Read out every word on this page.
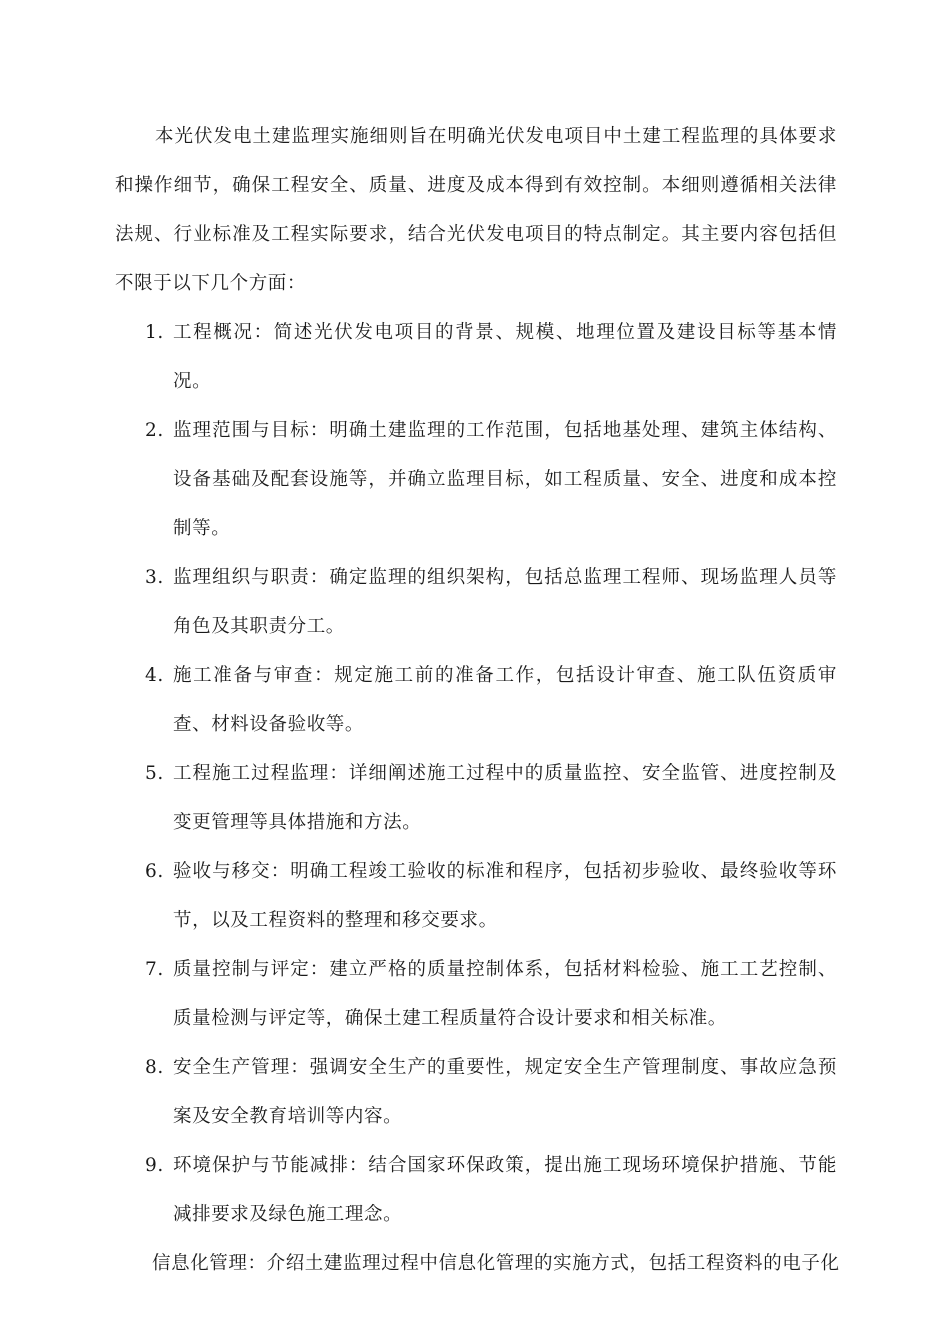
本光伏发电土建监理实施细则旨在明确光伏发电项目中土建工程监理的具体要求和操作细节，确保工程安全、质量、进度及成本得到有效控制。本细则遵循相关法律法规、行业标准及工程实际要求，结合光伏发电项目的特点制定。其主要内容包括但不限于以下几个方面：

1. 工程概况：简述光伏发电项目的背景、规模、地理位置及建设目标等基本情况。
2. 监理范围与目标：明确土建监理的工作范围，包括地基处理、建筑主体结构、设备基础及配套设施等，并确立监理目标，如工程质量、安全、进度和成本控制等。
3. 监理组织与职责：确定监理的组织架构，包括总监理工程师、现场监理人员等角色及其职责分工。
4. 施工准备与审查：规定施工前的准备工作，包括设计审查、施工队伍资质审查、材料设备验收等。
5. 工程施工过程监理：详细阐述施工过程中的质量监控、安全监管、进度控制及变更管理等具体措施和方法。
6. 验收与移交：明确工程竣工验收的标准和程序，包括初步验收、最终验收等环节，以及工程资料的整理和移交要求。
7. 质量控制与评定：建立严格的质量控制体系，包括材料检验、施工工艺控制、质量检测与评定等，确保土建工程质量符合设计要求和相关标准。
8. 安全生产管理：强调安全生产的重要性，规定安全生产管理制度、事故应急预案及安全教育培训等内容。
9. 环境保护与节能减排：结合国家环保政策，提出施工现场环境保护措施、节能减排要求及绿色施工理念。

信息化管理：介绍土建监理过程中信息化管理的实施方式，包括工程资料的电子化
